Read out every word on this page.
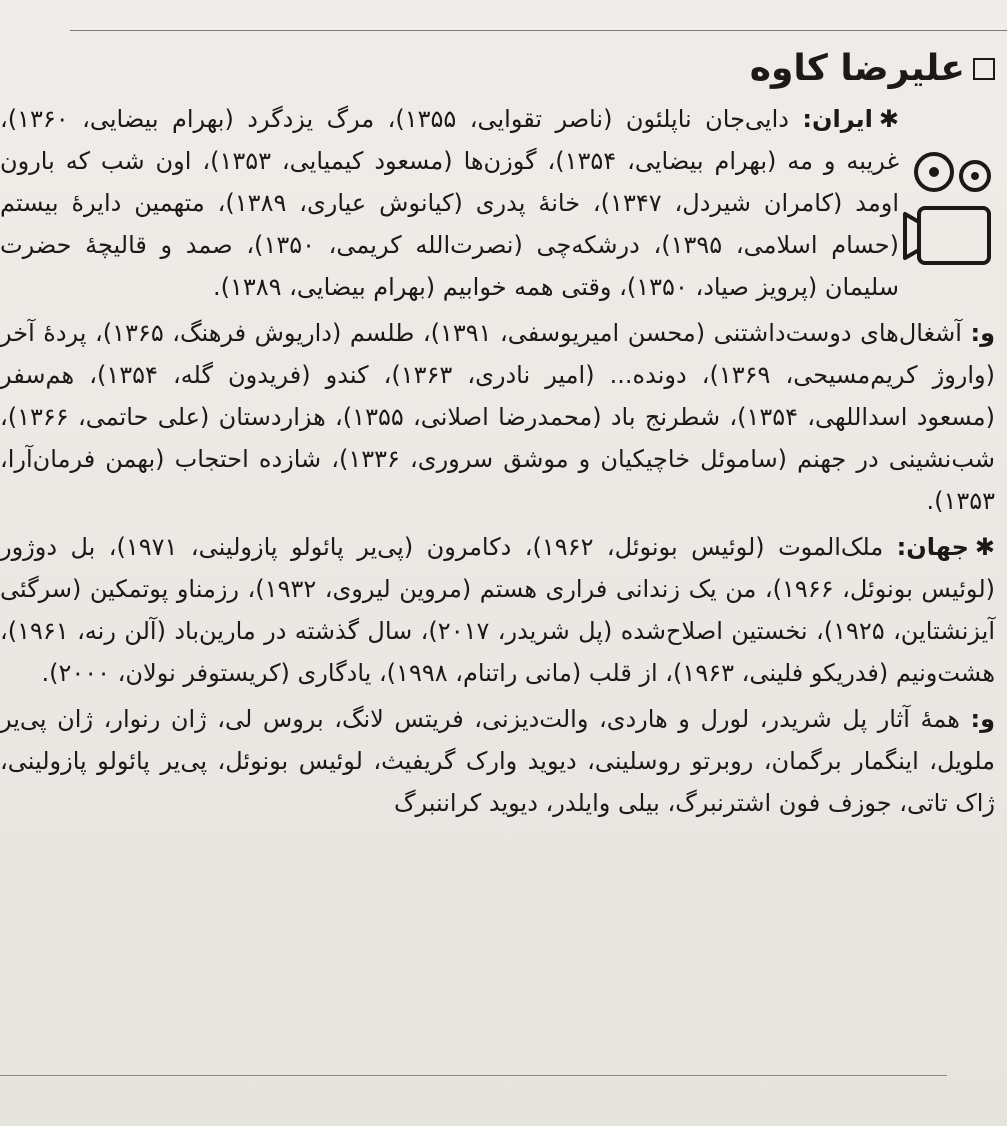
علیرضا کاوه

✱ایران: دایی‌جان ناپلئون (ناصر تقوایی، ۱۳۵۵)، مرگ یزدگرد (بهرام بیضایی، ۱۳۶۰)، غریبه و مه (بهرام بیضایی، ۱۳۵۴)، گوزن‌ها (مسعود کیمیایی، ۱۳۵۳)، اون شب که بارون اومد (کامران شیردل، ۱۳۴۷)، خانهٔ پدری (کیانوش عیاری، ۱۳۸۹)، متهمین دایرهٔ بیستم (حسام اسلامی، ۱۳۹۵)، درشکه‌چی (نصرت‌الله کریمی، ۱۳۵۰)، صمد و قالیچهٔ حضرت سلیمان (پرویز صیاد، ۱۳۵۰)، وقتی همه خوابیم (بهرام بیضایی، ۱۳۸۹).

و: آشغال‌های دوست‌داشتنی (محسن امیریوسفی، ۱۳۹۱)، طلسم (داریوش فرهنگ، ۱۳۶۵)، پردهٔ آخر (واروژ کریم‌مسیحی، ۱۳۶۹)، دونده... (امیر نادری، ۱۳۶۳)، کندو (فریدون گله، ۱۳۵۴)، هم‌سفر (مسعود اسداللهی، ۱۳۵۴)، شطرنج باد (محمدرضا اصلانی، ۱۳۵۵)، هزاردستان (علی حاتمی، ۱۳۶۶)، شب‌نشینی در جهنم (ساموئل خاچیکیان و موشق سروری، ۱۳۳۶)، شازده احتجاب (بهمن فرمان‌آرا، ۱۳۵۳).

✱جهان: ملک‌الموت (لوئیس بونوئل، ۱۹۶۲)، دکامرون (پی‌یر پائولو پازولینی، ۱۹۷۱)، بل دوژور (لوئیس بونوئل، ۱۹۶۶)، من یک زندانی فراری هستم (مروین لیروی، ۱۹۳۲)، رزمناو پوتمکین (سرگئی آیزنشتاین، ۱۹۲۵)، نخستین اصلاح‌شده (پل شریدر، ۲۰۱۷)، سال گذشته در مارین‌باد (آلن رنه، ۱۹۶۱)، هشت‌ونیم (فدریکو فلینی، ۱۹۶۳)، از قلب (مانی راتنام، ۱۹۹۸)، یادگاری (کریستوفر نولان، ۲۰۰۰).

و: همهٔ آثار پل شریدر، لورل و هاردی، والت‌دیزنی، فریتس لانگ، بروس لی، ژان رنوار، ژان پی‌یر ملویل، اینگمار برگمان، روبرتو روسلینی، دیوید وارک گریفیث، لوئیس بونوئل، پی‌یر پائولو پازولینی، ژاک تاتی، جوزف فون اشترنبرگ، بیلی وایلدر، دیوید کراننبرگ
